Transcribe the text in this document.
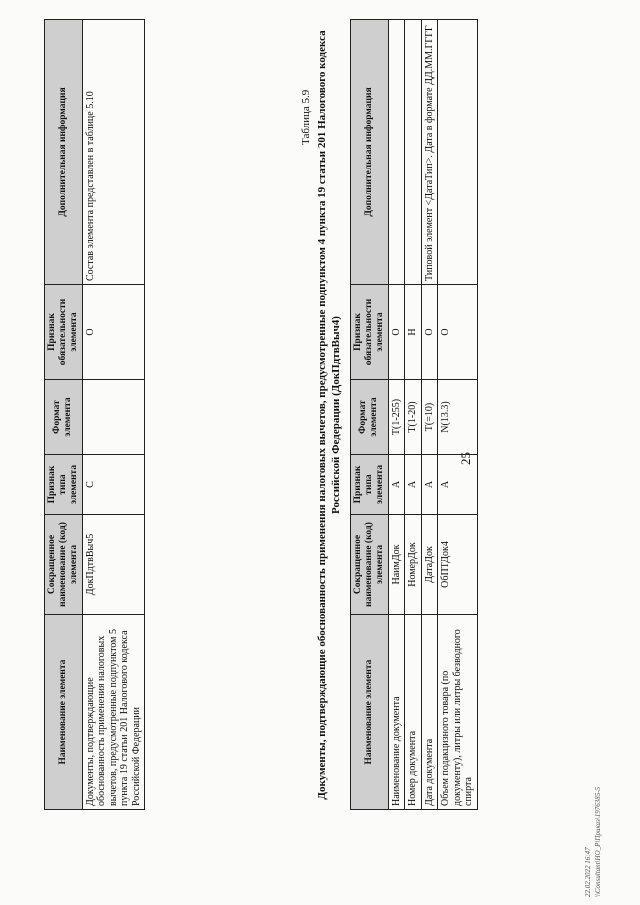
Наименование элемента	Сокращенное наименование (код) элемента	Признак типа элемента	Формат элемента	Признак обязательности элемента	Дополнительная информация
Документы, подтверждающие обоснованность применения налоговых вычетов, предусмотренные подпунктом 5 пункта 19 статьи 201 Налогового кодекса Российской Федерации	ДокПдтвВыч5	С		О	Состав элемента представлен в таблице 5.10
25
Таблица 5.9 Документы, подтверждающие обоснованность применения налоговых вычетов, предусмотренные подпунктом 4 пункта 19 статьи 201 Налогового кодекса Российской Федерации (ДокПдтвВыч4)
Наименование элемента	Сокращенное наименование (код) элемента	Признак типа элемента	Формат элемента	Признак обязательности элемента	Дополнительная информация
Наименование документа	НаимДок	А	T(1-255)	О	
Номер документа	НомерДок	А	T(1-20)	Н	
Дата документа	ДатаДок	А	T(=10)	О	Типовой элемент <ДатаТип>. Дата в формате ДД.ММ.ГГГГ
Объем подакцизного товара (по документу), литры или литры безводного спирта	ОбПТДок4	А	N(13.3)	О	
22.02.2022 16:47 \\Consultant\НО_Р\Приказ\1976385-5
